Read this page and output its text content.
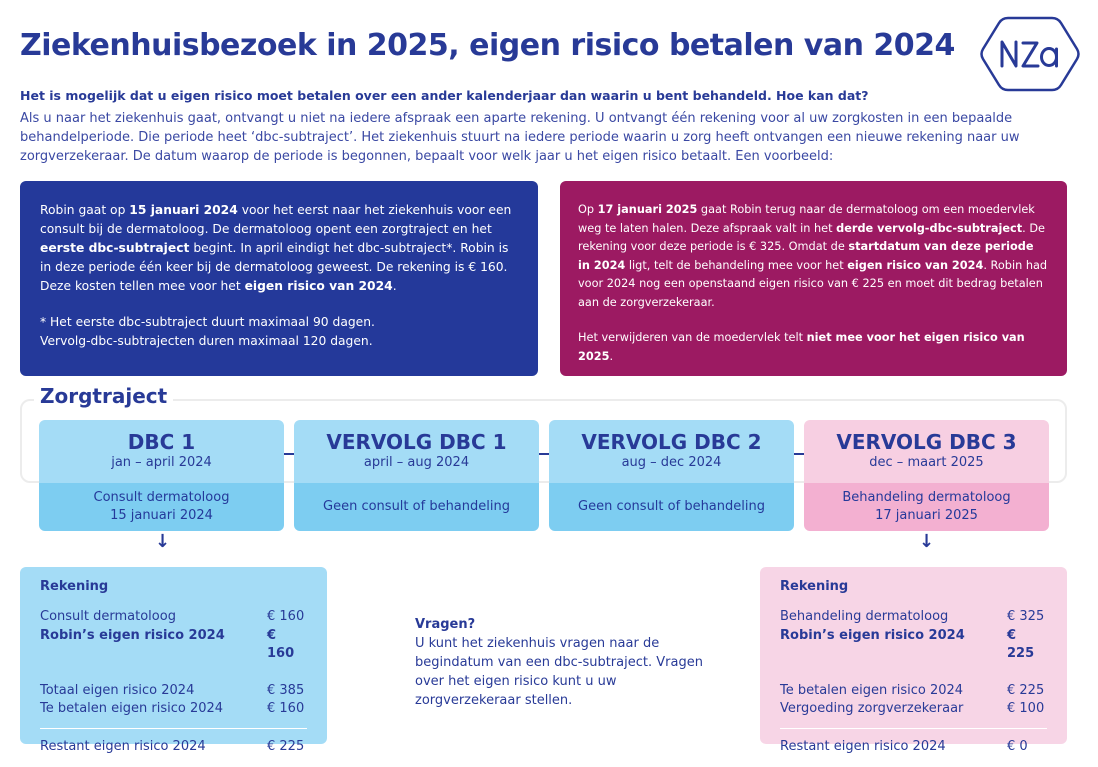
Ziekenhuisbezoek in 2025, eigen risico betalen van 2024
Het is mogelijk dat u eigen risico moet betalen over een ander kalenderjaar dan waarin u bent behandeld. Hoe kan dat?
Als u naar het ziekenhuis gaat, ontvangt u niet na iedere afspraak een aparte rekening. U ontvangt één rekening voor al uw zorgkosten in een bepaalde behandelperiode. Die periode heet ‘dbc-subtraject’. Het ziekenhuis stuurt na iedere periode waarin u zorg heeft ontvangen een nieuwe rekening naar uw zorgverzekeraar. De datum waarop de periode is begonnen, bepaalt voor welk jaar u het eigen risico betaalt. Een voorbeeld:

Robin gaat op 15 januari 2024 voor het eerst naar het ziekenhuis voor een consult bij de dermatoloog. De dermatoloog opent een zorgtraject en het eerste dbc-subtraject begint. In april eindigt het dbc-subtraject*. Robin is in deze periode één keer bij de dermatoloog geweest. De rekening is € 160. Deze kosten tellen mee voor het eigen risico van 2024.

* Het eerste dbc-subtraject duurt maximaal 90 dagen.

Vervolg-dbc-subtrajecten duren maximaal 120 dagen.

Op 17 januari 2025 gaat Robin terug naar de dermatoloog om een moedervlek weg te laten halen. Deze afspraak valt in het derde vervolg-dbc-subtraject. De rekening voor deze periode is € 325. Omdat de startdatum van deze periode in 2024 ligt, telt de behandeling mee voor het eigen risico van 2024. Robin had voor 2024 nog een openstaand eigen risico van € 225 en moet dit bedrag betalen aan de zorgverzekeraar.

Het verwijderen van de moedervlek telt niet mee voor het eigen risico van 2025.

Zorgtraject
DBC 1
jan – april 2024
Consult dermatoloog
15 januari 2024
VERVOLG DBC 1
april – aug 2024
Geen consult of behandeling
VERVOLG DBC 2
aug – dec 2024
Geen consult of behandeling
VERVOLG DBC 3
dec – maart 2025
Behandeling dermatoloog
17 januari 2025
↓	↓
Rekening
Consult dermatoloog	€ 160
Robin’s eigen risico 2024	€ 160
Totaal eigen risico 2024	€ 385
Te betalen eigen risico 2024	€ 160
Restant eigen risico 2024	€ 225
Vragen?
U kunt het ziekenhuis vragen naar de begindatum van een dbc-subtraject. Vragen over het eigen risico kunt u uw zorgverzekeraar stellen.
Rekening
Behandeling dermatoloog	€ 325
Robin’s eigen risico 2024	€ 225
Te betalen eigen risico 2024	€ 225
Vergoeding zorgverzekeraar	€ 100
Restant eigen risico 2024	€ 0
